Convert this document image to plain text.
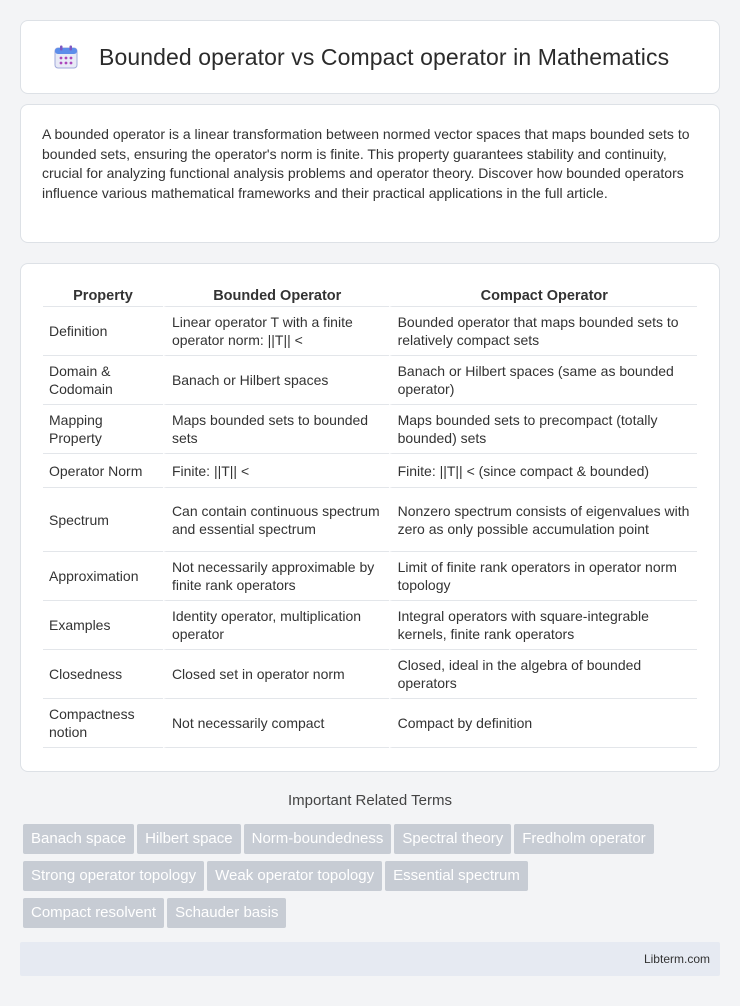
Bounded operator vs Compact operator in Mathematics

A bounded operator is a linear transformation between normed vector spaces that maps bounded sets to bounded sets, ensuring the operator's norm is finite. This property guarantees stability and continuity, crucial for analyzing functional analysis problems and operator theory. Discover how bounded operators influence various mathematical frameworks and their practical applications in the full article.

Property	Bounded Operator	Compact Operator
Definition	Linear operator T with a finite operator norm: ||T|| <	Bounded operator that maps bounded sets to relatively compact sets
Domain & Codomain	Banach or Hilbert spaces	Banach or Hilbert spaces (same as bounded operator)
Mapping Property	Maps bounded sets to bounded sets	Maps bounded sets to precompact (totally bounded) sets
Operator Norm	Finite: ||T|| <	Finite: ||T|| < (since compact & bounded)
Spectrum	Can contain continuous spectrum and essential spectrum	Nonzero spectrum consists of eigenvalues with zero as only possible accumulation point
Approximation	Not necessarily approximable by finite rank operators	Limit of finite rank operators in operator norm topology
Examples	Identity operator, multiplication operator	Integral operators with square-integrable kernels, finite rank operators
Closedness	Closed set in operator norm	Closed, ideal in the algebra of bounded operators
Compactness notion	Not necessarily compact	Compact by definition
Important Related Terms
Banach space Hilbert space Norm-boundedness Spectral theory Fredholm operator
Strong operator topology Weak operator topology Essential spectrum
Compact resolvent Schauder basis
Libterm.com
